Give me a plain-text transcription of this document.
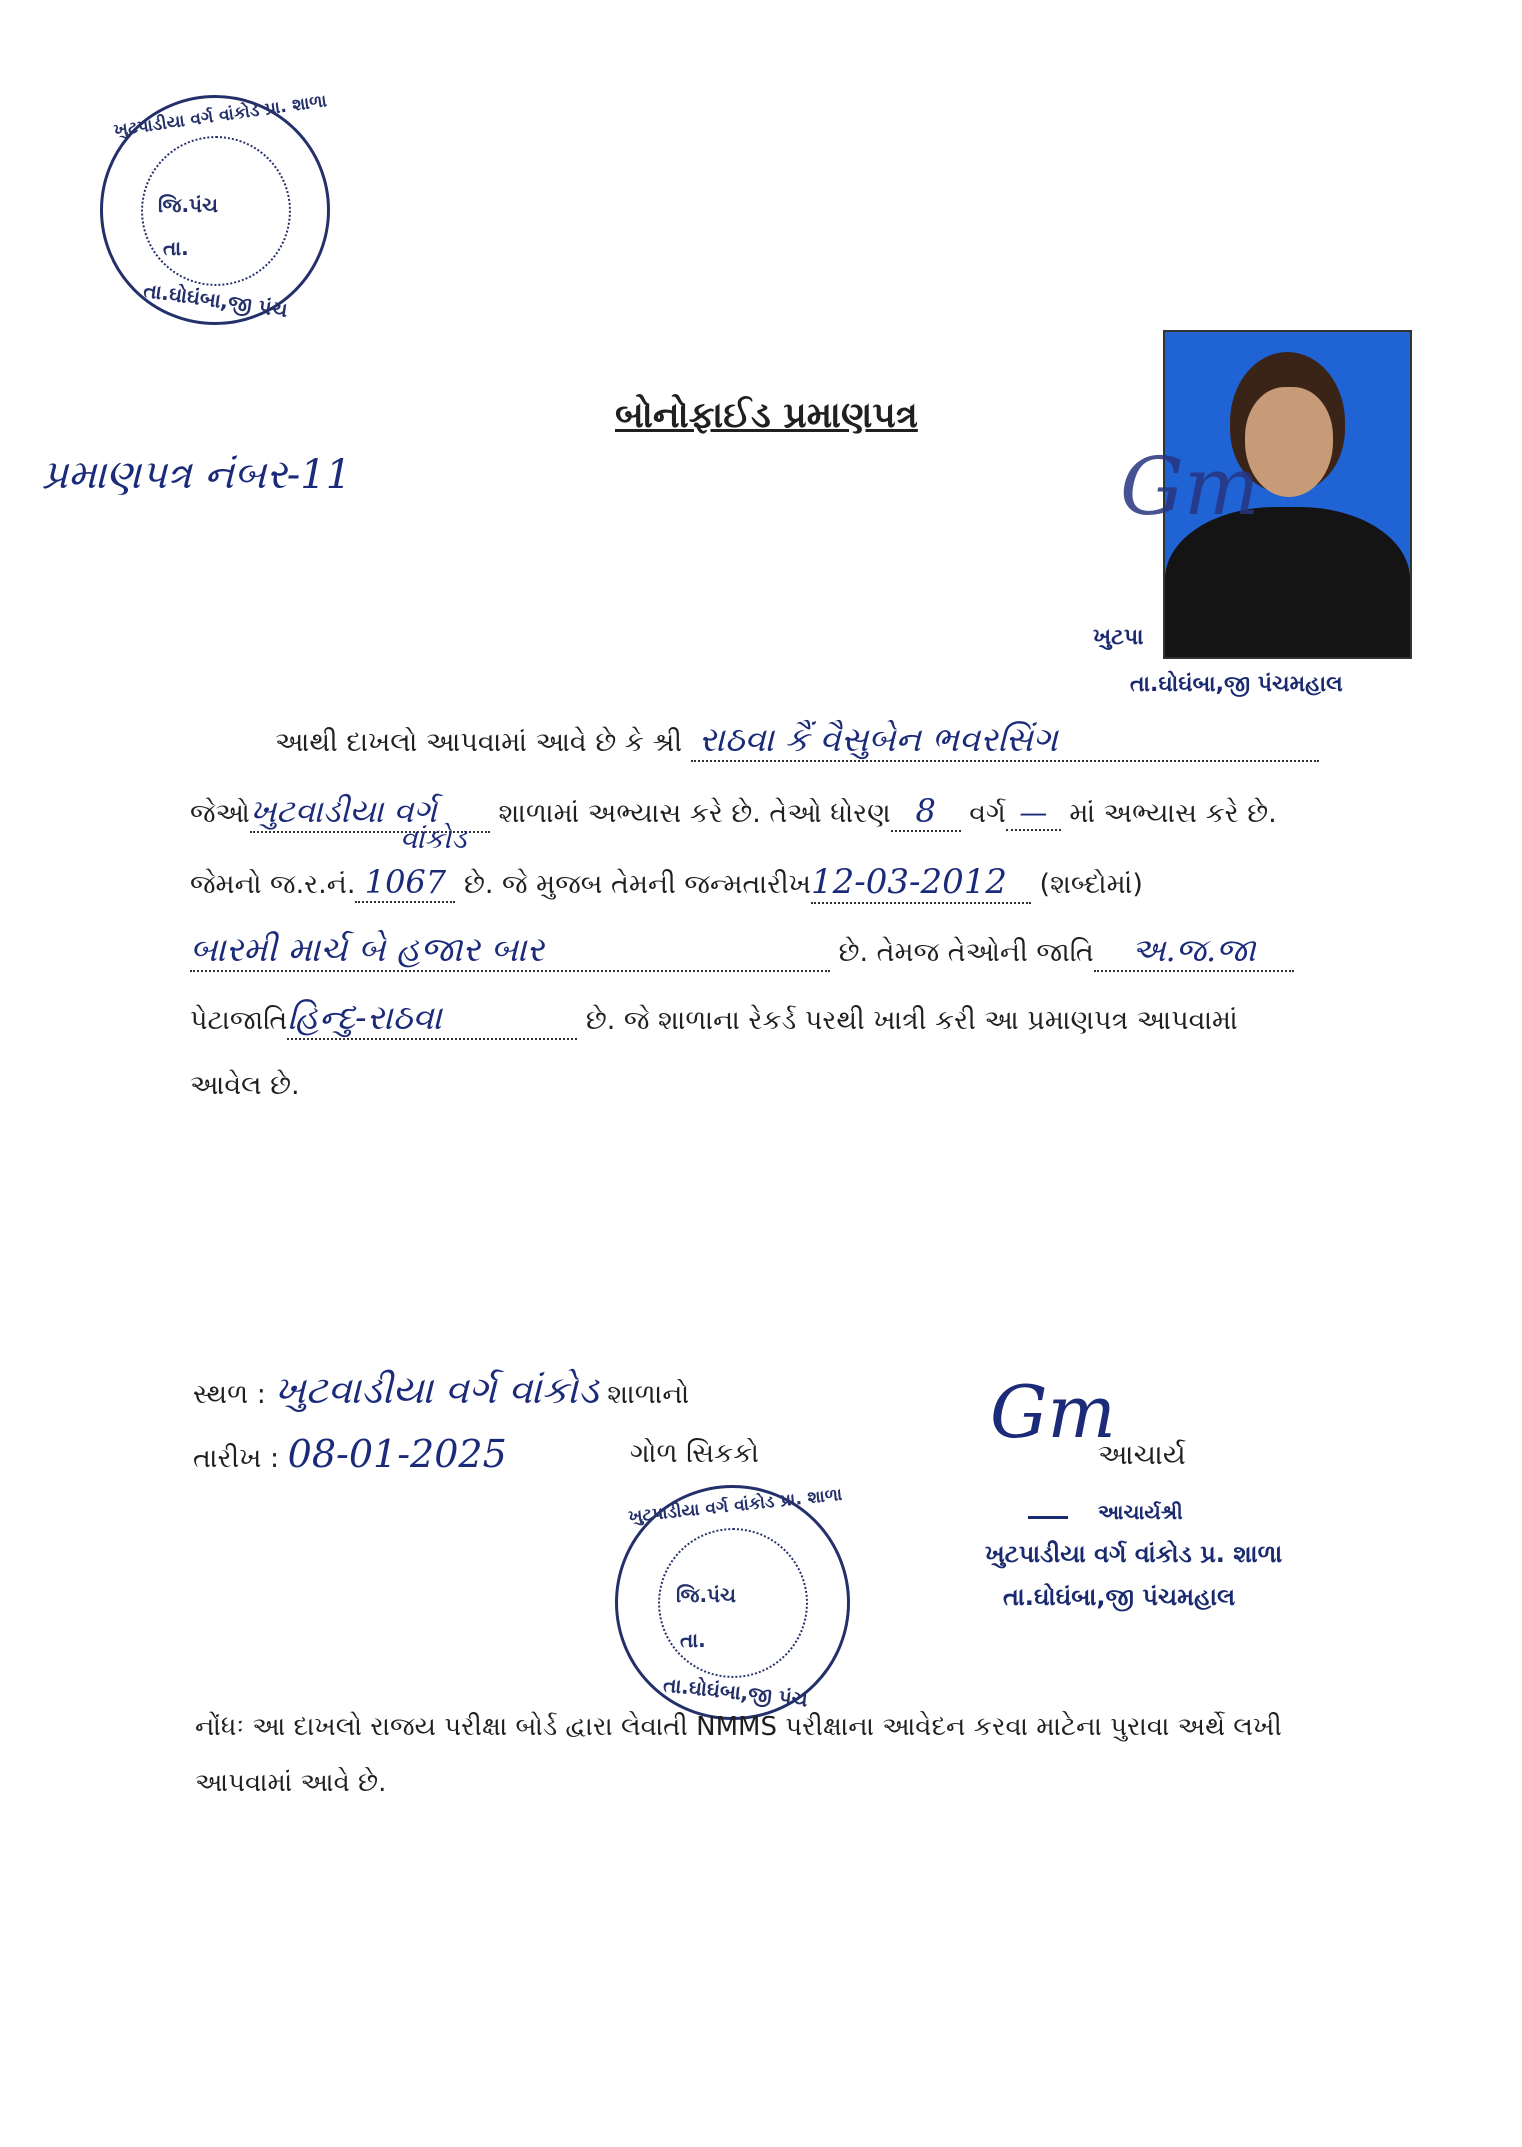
ખુટપાડીયા વર્ગ વાંકોડ પ્રા. શાળા
જિ.પંચ
તા.
તા.ઘોઘંબા,જી પંચ
બોનોફાઈડ પ્રમાણપત્ર
પ્રમાણપત્ર નંબર-11	Gm
ખુટપા
તા.ઘોઘંબા,જી પંચમહાલ
આથી દાખલો આપવામાં આવે છે કે શ્રી રાઠવા કૈં વૈસુબેન ભવરસિંગ
જેઓખુટવાડીયા વર્ગ શાળામાં અભ્યાસ કરે છે. તેઓ ધોરણ 8 વર્ગ — માં અભ્યાસ કરે છે.
વાંકોડ
જેમનો જ.ર.નં. 1067 છે. જે મુજબ તેમની જન્મતારીખ12-03-2012 (શબ્દોમાં)
બારમી માર્ચ બે હજાર બાર	છે. તેમજ તેઓની જાતિ અ.જ.જા
પેટાજાતિહિન્દુ-રાઠવા	છે. જે શાળાના રેકર્ડ પરથી ખાત્રી કરી આ પ્રમાણપત્ર આપવામાં
આવેલ છે.
સ્થળ : ખુટવાડીયા વર્ગ વાંકોડ શાળાનો
તારીખ : 08-01-2025	ગોળ સિકકો	Gm
આચાર્ય
આચાર્યશ્રી
ખુટપાડીયા વર્ગ વાંકોડ પ્ર. શાળા
તા.ઘોઘંબા,જી પંચમહાલ
ખુટપાડીયા વર્ગ વાંકોડ પ્રા. શાળા
જિ.પંચ
તા.
તા.ઘોઘંબા,જી પંચ
નોંધઃ આ દાખલો રાજય પરીક્ષા બોર્ડ દ્વારા લેવાતી NMMS પરીક્ષાના આવેદન કરવા માટેના પુરાવા અર્થે લખી
આપવામાં આવે છે.
